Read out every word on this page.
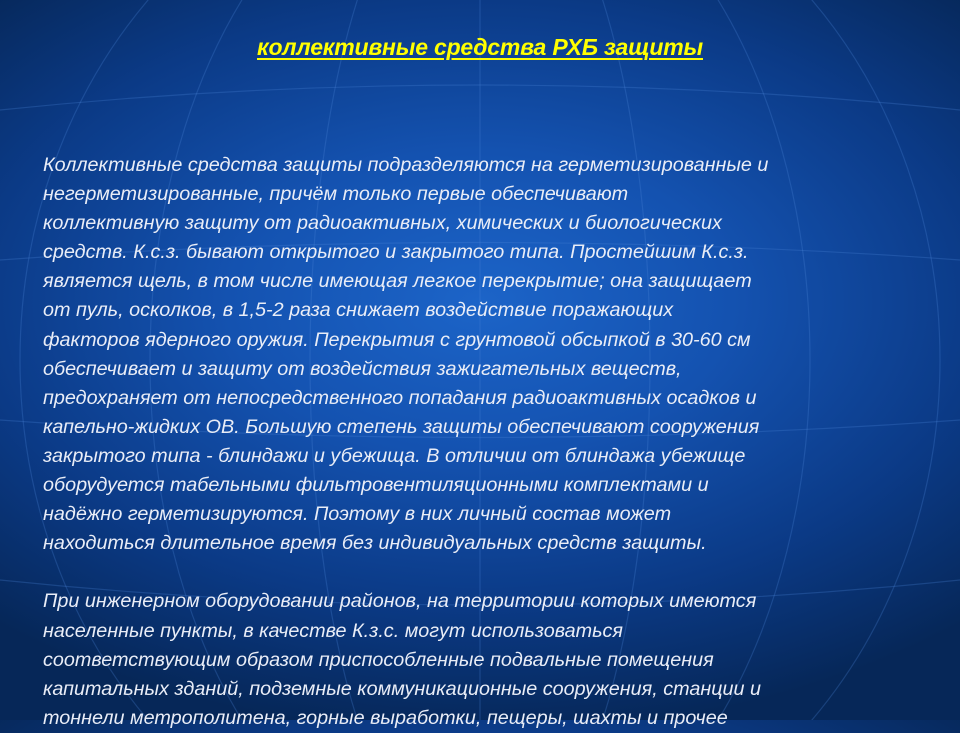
коллективные средства РХБ защиты

Коллективные средства защиты подразделяются на герметизированные и
негерметизированные, причём только первые обеспечивают
коллективную защиту от радиоактивных, химических и биологических
средств. К.с.з. бывают открытого и закрытого типа. Простейшим К.с.з.
является щель, в том числе имеющая легкое перекрытие; она защищает
от пуль, осколков, в 1,5-2 раза снижает воздействие поражающих
факторов ядерного оружия. Перекрытия с грунтовой обсыпкой в 30-60 см
обеспечивает и защиту от воздействия зажигательных веществ,
предохраняет от непосредственного попадания радиоактивных осадков и
капельно-жидких ОВ. Большую степень защиты обеспечивают сооружения
закрытого типа - блиндажи и убежища. В отличии от блиндажа убежище
оборудуется табельными фильтровентиляционными комплектами и
надёжно герметизируются. Поэтому в них личный состав может
находиться длительное время без индивидуальных средств защиты.

При инженерном оборудовании районов, на территории которых имеются
населенные пункты, в качестве К.з.с. могут использоваться
соответствующим образом приспособленные подвальные помещения
капитальных зданий, подземные коммуникационные сооружения, станции и
тоннели метрополитена, горные выработки, пещеры, шахты и прочее
